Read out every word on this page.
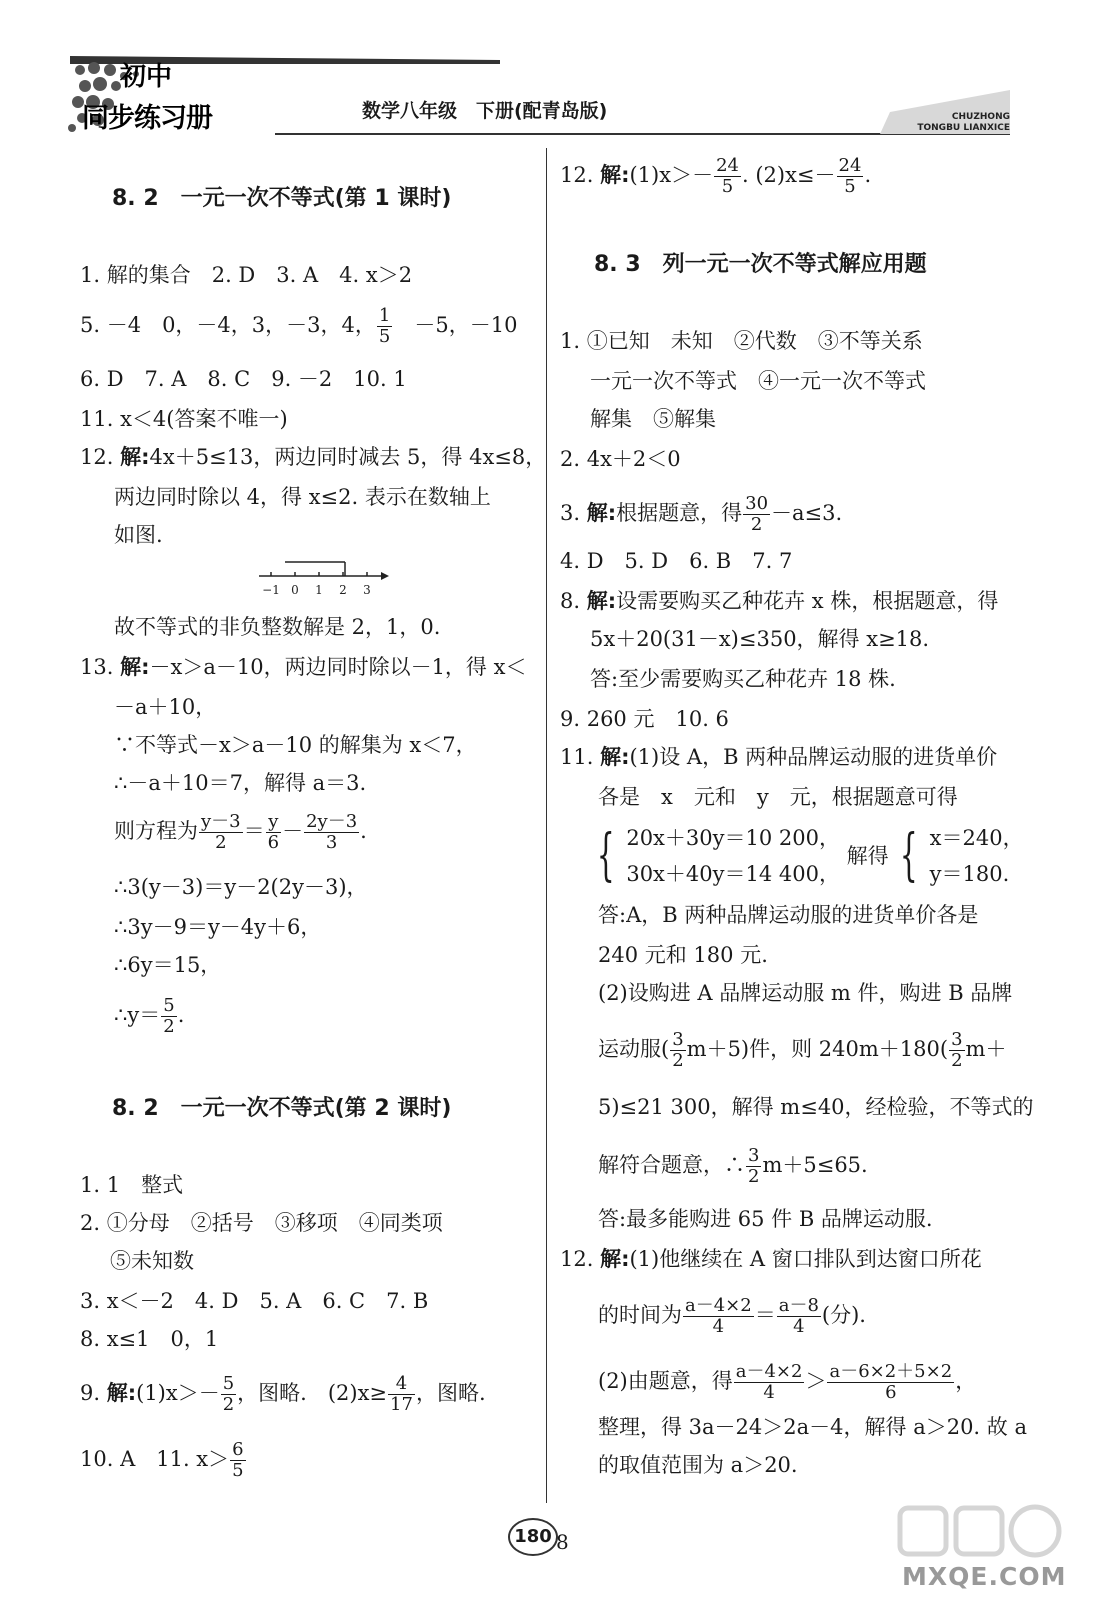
初中
同步练习册	数学八年级　下册(配青岛版)	CHUZHONG
TONGBU LIANXICE
8. 2　一元一次不等式(第 1 课时)
1. 解的集合　2. D　3. A　4. x＞2
5. －4　0，－4，3，－3，4， $\frac{1}{5}$ 　－5，－10
6. D　7. A　8. C　9. －2　10. 1
11. x＜4(答案不唯一)
12. 解:4x＋5≤13，两边同时减去 5，得 4x≤8，
两边同时除以 4，得 x≤2. 表示在数轴上
如图.
−1 0 1 2 3
故不等式的非负整数解是 2，1，0.
13. 解:－x＞a－10，两边同时除以－1，得 x＜
－a＋10，
∵不等式－x＞a－10 的解集为 x＜7，
∴－a＋10＝7，解得 a＝3.
则方程为 $\frac{y-3}{2} = \frac{y}{6} - \frac{2y-3}{3}$ .
∴3(y－3)＝y－2(2y－3)，
∴3y－9＝y－4y＋6，
∴6y＝15，
∴y＝ $\frac{5}{2}$ .
8. 2　一元一次不等式(第 2 课时)
1. 1　整式
2. ①分母　②括号　③移项　④同类项
⑤未知数
3. x＜－2　4. D　5. A　6. C　7. B
8. x≤1　0，1
9. 解:(1)x＞－ $\frac{5}{2}$ ，图略.　$(2)x\ge \frac{4}{17}$ ，图略.
10. A　11. $x> \frac{6}{5}$
12. 解:(1)x＞－ $\frac{24}{5}$ . $(2)x\le- \frac{24}{5}$ .
8. 3　列一元一次不等式解应用题
1. ①已知　未知　②代数　③不等关系
一元一次不等式　④一元一次不等式
解集　⑤解集
2. 4x＋2＜0
3. 解:根据题意，得 $\frac{30}{2} -a\le 3$.
4. D　5. D　6. B　7. 7
8. 解:设需要购买乙种花卉 x 株，根据题意，得
5x＋20(31－x)≤350，解得 x≥18.
答:至少需要购买乙种花卉 18 株.
9. 260 元　10. 6
11. 解:(1)设 A，B 两种品牌运动服的进货单价
各是　x　元和　y　元，根据题意可得
{ 20x＋30y＝10 200，
30x＋40y＝14 400，
解得 { x＝240，
y＝180.
答:A，B 两种品牌运动服的进货单价各是
240 元和 180 元.
(2)设购进 A 品牌运动服 m 件，购进 B 品牌
运动服( $\frac{3}{2} m+5$)件，则 $240m+180( \frac{3}{2} m+$
5)≤21 300，解得 m≤40，经检验，不等式的
解符合题意，∴ $\frac{3}{2} m+5\le 65$.
答:最多能购进 65 件 B 品牌运动服.
12. 解:(1)他继续在 A 窗口排队到达窗口所花
的时间为 $\frac{a-4\times 2}{4} = \frac{a-8}{4}$ (分).
(2)由题意，得 $\frac{a-4\times 2}{4} > \frac{a-6\times 2+5\times 2}{6}$ ，
整理，得 3a－24＞2a－4，解得 a＞20. 故 a
的取值范围为 a＞20.
180 8
MXQE.COM
